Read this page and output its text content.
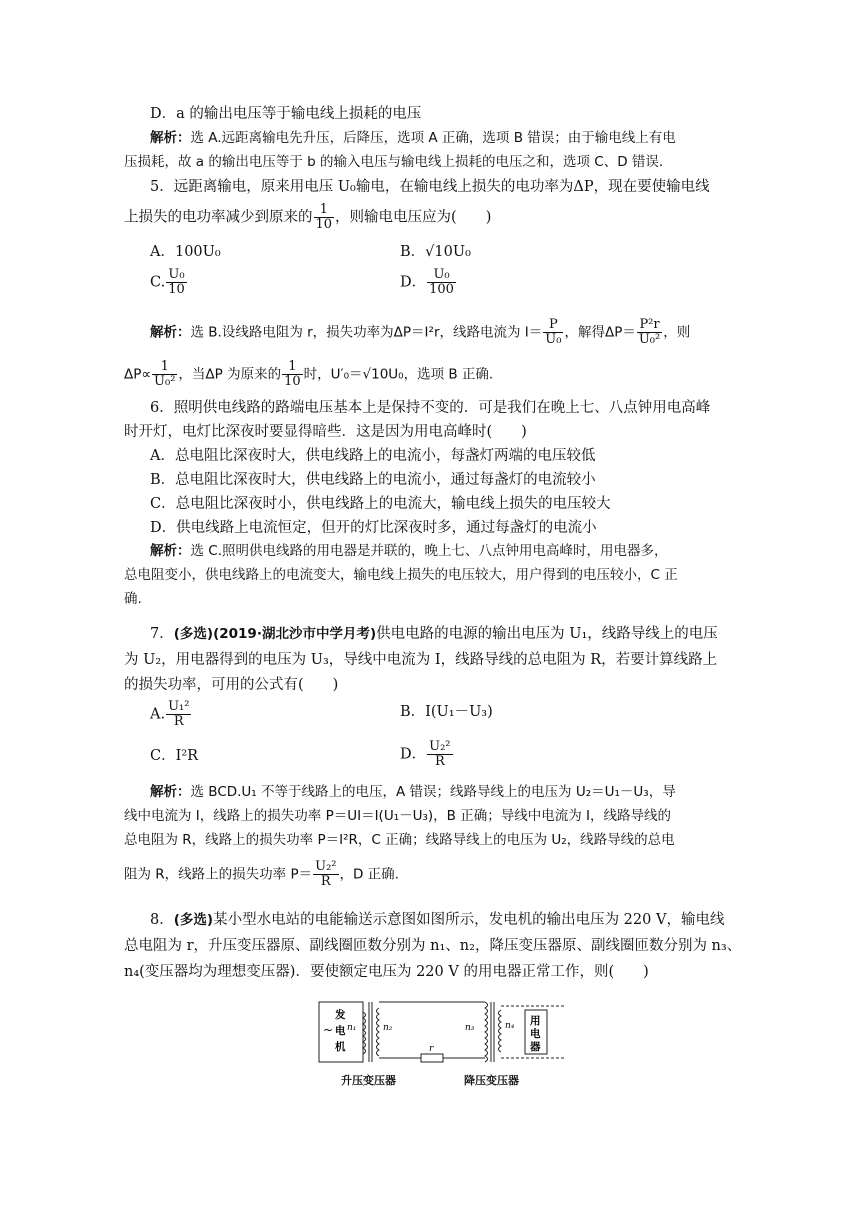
D．a 的输出电压等于输电线上损耗的电压
解析：选 A.远距离输电先升压，后降压，选项 A 正确，选项 B 错误；由于输电线上有电
压损耗，故 a 的输出电压等于 b 的输入电压与输电线上损耗的电压之和，选项 C、D 错误.
5．远距离输电，原来用电压 U₀输电，在输电线上损失的电功率为ΔP，现在要使输电线
上损失的电功率减少到原来的 $\frac{1}{10}$ ，则输电电压应为(　　)
A．100U₀	B．√10U₀
C. $\frac{\text{U₀}}{10}$	D． $\frac{\text{U₀}}{100}$
解析：选 B.设线路电阻为 r，损失功率为ΔP＝I²r，线路电流为 $I= \frac{P}{\text{U₀}}$ ，解得$\Delta P= \frac{\text{P²r}}{\text{U₀²}}$ ，则
$\Delta P\propto \frac{1}{\text{U₀²}}$ ，当ΔP 为原来的 $\frac{1}{10}$ 时，U′₀＝√10U₀，选项 B 正确.
6．照明供电线路的路端电压基本上是保持不变的．可是我们在晚上七、八点钟用电高峰
时开灯，电灯比深夜时要显得暗些．这是因为用电高峰时(　　)
A．总电阻比深夜时大，供电线路上的电流小，每盏灯两端的电压较低
B．总电阻比深夜时大，供电线路上的电流小，通过每盏灯的电流较小
C．总电阻比深夜时小，供电线路上的电流大，输电线上损失的电压较大
D．供电线路上电流恒定，但开的灯比深夜时多，通过每盏灯的电流小
解析：选 C.照明供电线路的用电器是并联的，晚上七、八点钟用电高峰时，用电器多，
总电阻变小，供电线路上的电流变大，输电线上损失的电压较大，用户得到的电压较小，C 正
确.
7．(多选)(2019·湖北沙市中学月考)供电电路的电源的输出电压为 U₁，线路导线上的电压
为 U₂，用电器得到的电压为 U₃，导线中电流为 I，线路导线的总电阻为 R，若要计算线路上
的损失功率，可用的公式有(　　)
A. $\frac{\text{U₁²}}{R}$	B．I(U₁－U₃)
C．I²R	D． $\frac{\text{U₂²}}{R}$
解析：选 BCD.U₁ 不等于线路上的电压，A 错误；线路导线上的电压为 U₂＝U₁－U₃，导
线中电流为 I，线路上的损失功率 P＝UI＝I(U₁－U₃)，B 正确；导线中电流为 I，线路导线的
总电阻为 R，线路上的损失功率 P＝I²R，C 正确；线路导线上的电压为 U₂，线路导线的总电
阻为 R，线路上的损失功率 $P= \frac{\text{U₂²}}{R}$ ，D 正确.
8．(多选)某小型水电站的电能输送示意图如图所示，发电机的输出电压为 220 V，输电线
总电阻为 r，升压变压器原、副线圈匝数分别为 n₁、n₂，降压变压器原、副线圈匝数分别为 n₃、
n₄(变压器均为理想变压器)．要使额定电压为 220 V 的用电器正常工作，则(　　)
~
发
电
机
n₁	n₂
r
n₃	n₄ 用
电
器
升压变压器	降压变压器
